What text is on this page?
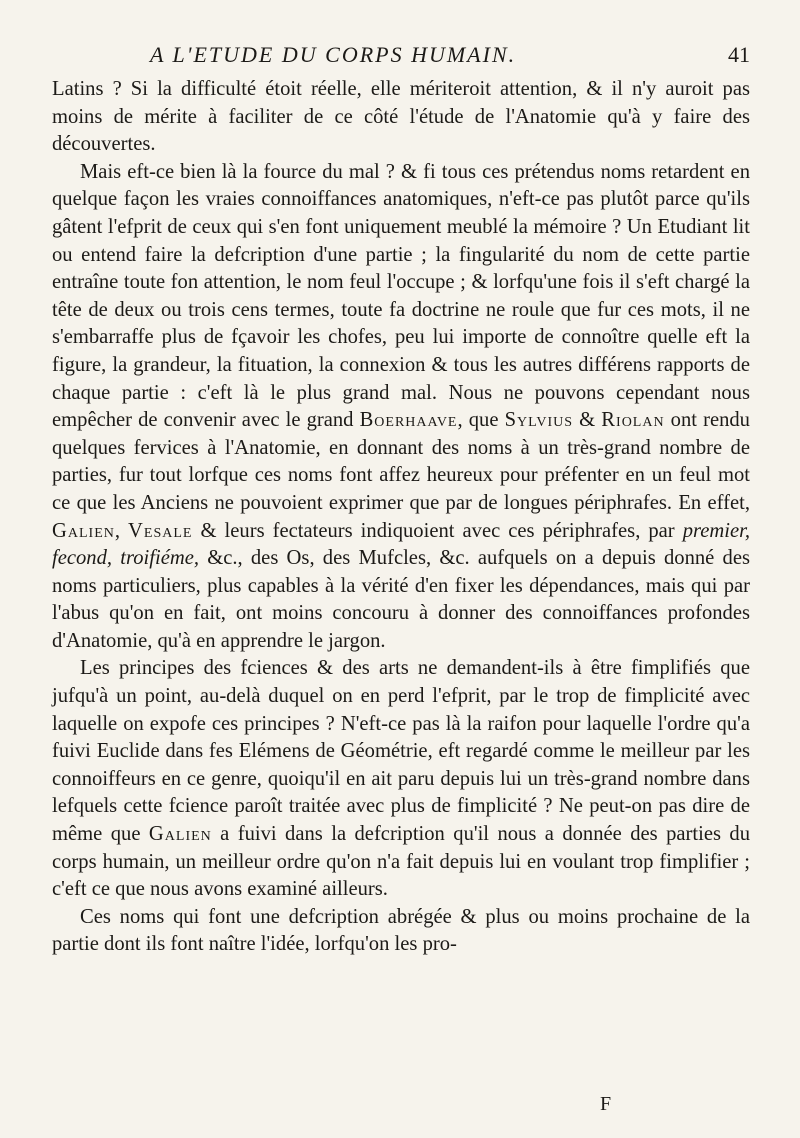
A L'ETUDE DU CORPS HUMAIN.	41

Latins ? Si la difficulté étoit réelle, elle mériteroit attention, & il n'y auroit pas moins de mérite à faciliter de ce côté l'étude de l'Anatomie qu'à y faire des découvertes.

Mais eft-ce bien là la fource du mal ? & fi tous ces prétendus noms retardent en quelque façon les vraies connoiffances anatomiques, n'eft-ce pas plutôt parce qu'ils gâtent l'efprit de ceux qui s'en font uniquement meublé la mémoire ? Un Etudiant lit ou entend faire la defcription d'une partie ; la fingularité du nom de cette partie entraîne toute fon attention, le nom feul l'occupe ; & lorfqu'une fois il s'eft chargé la tête de deux ou trois cens termes, toute fa doctrine ne roule que fur ces mots, il ne s'embarraffe plus de fçavoir les chofes, peu lui importe de connoître quelle eft la figure, la grandeur, la fituation, la connexion & tous les autres différens rapports de chaque partie : c'eft là le plus grand mal. Nous ne pouvons cependant nous empêcher de convenir avec le grand Boerhaave, que Sylvius & Riolan ont rendu quelques fervices à l'Anatomie, en donnant des noms à un très-grand nombre de parties, fur tout lorfque ces noms font affez heureux pour préfenter en un feul mot ce que les Anciens ne pouvoient exprimer que par de longues périphrafes. En effet, Galien, Vesale & leurs fectateurs indiquoient avec ces périphrafes, par premier, fecond, troifiéme, &c., des Os, des Mufcles, &c. aufquels on a depuis donné des noms particuliers, plus capables à la vérité d'en fixer les dépendances, mais qui par l'abus qu'on en fait, ont moins concouru à donner des connoiffances profondes d'Anatomie, qu'à en apprendre le jargon.

Les principes des fciences & des arts ne demandent-ils à être fimplifiés que jufqu'à un point, au-delà duquel on en perd l'efprit, par le trop de fimplicité avec laquelle on expofe ces principes ? N'eft-ce pas là la raifon pour laquelle l'ordre qu'a fuivi Euclide dans fes Elémens de Géométrie, eft regardé comme le meilleur par les connoiffeurs en ce genre, quoiqu'il en ait paru depuis lui un très-grand nombre dans lefquels cette fcience paroît traitée avec plus de fimplicité ? Ne peut-on pas dire de même que Galien a fuivi dans la defcription qu'il nous a donnée des parties du corps humain, un meilleur ordre qu'on n'a fait depuis lui en voulant trop fimplifier ; c'eft ce que nous avons examiné ailleurs.

Ces noms qui font une defcription abrégée & plus ou moins prochaine de la partie dont ils font naître l'idée, lorfqu'on les pro-

F
